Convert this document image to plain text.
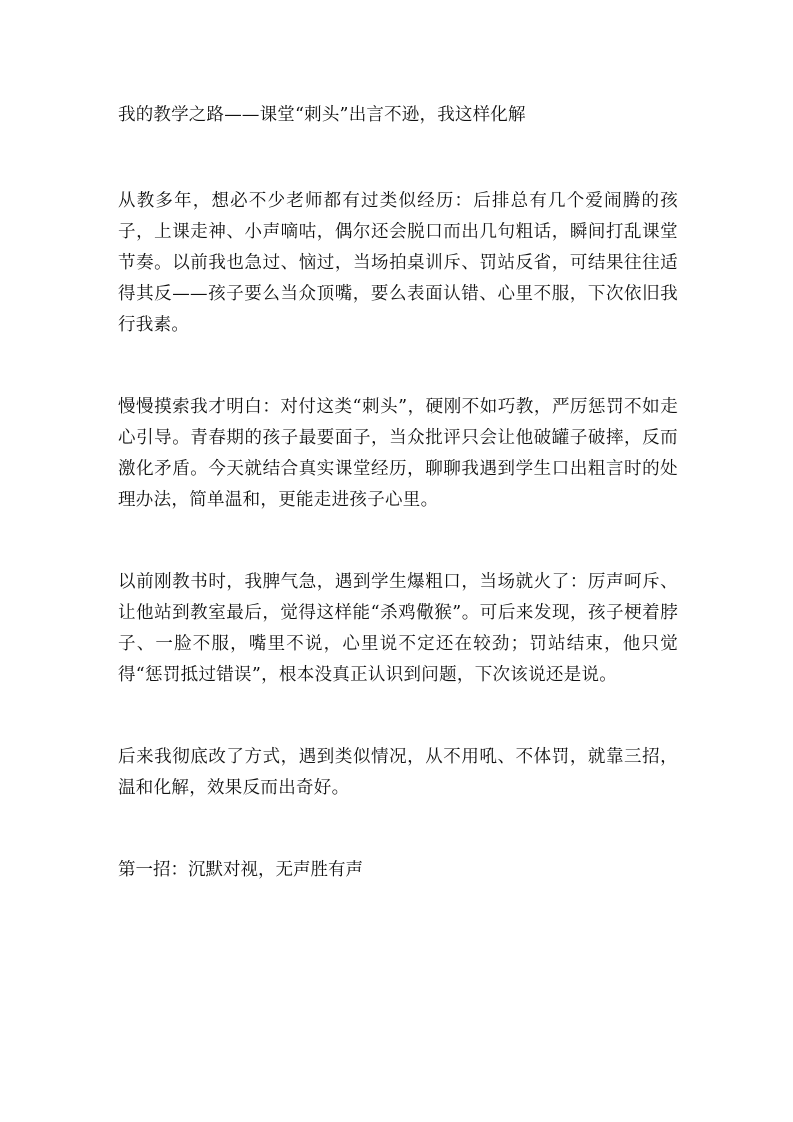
我的教学之路——课堂“刺头”出言不逊，我这样化解

从教多年，想必不少老师都有过类似经历：后排总有几个爱闹腾的孩子，上课走神、小声嘀咕，偶尔还会脱口而出几句粗话，瞬间打乱课堂节奏。以前我也急过、恼过，当场拍桌训斥、罚站反省，可结果往往适得其反——孩子要么当众顶嘴，要么表面认错、心里不服，下次依旧我行我素。

慢慢摸索我才明白：对付这类“刺头”，硬刚不如巧教，严厉惩罚不如走心引导。青春期的孩子最要面子，当众批评只会让他破罐子破摔，反而激化矛盾。今天就结合真实课堂经历，聊聊我遇到学生口出粗言时的处理办法，简单温和，更能走进孩子心里。

以前刚教书时，我脾气急，遇到学生爆粗口，当场就火了：厉声呵斥、让他站到教室最后，觉得这样能“杀鸡儆猴”。可后来发现，孩子梗着脖子、一脸不服，嘴里不说，心里说不定还在较劲；罚站结束，他只觉得“惩罚抵过错误”，根本没真正认识到问题，下次该说还是说。

后来我彻底改了方式，遇到类似情况，从不用吼、不体罚，就靠三招，温和化解，效果反而出奇好。

第一招：沉默对视，无声胜有声
